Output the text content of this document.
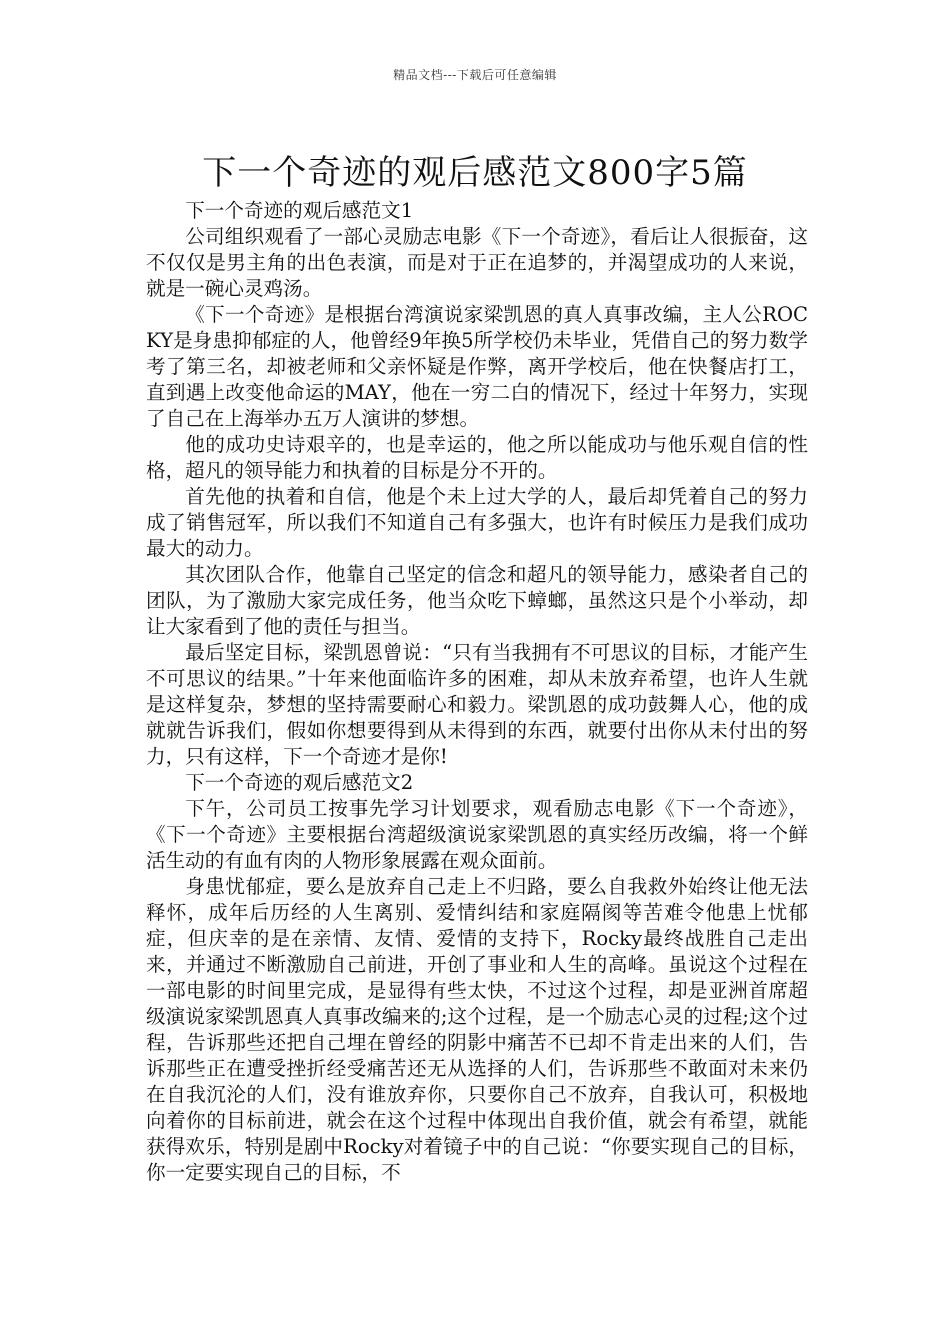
精品文档---下载后可任意编辑
下一个奇迹的观后感范文800字5篇

下一个奇迹的观后感范文1

公司组织观看了一部心灵励志电影《下一个奇迹》，看后让人很振奋，这不仅仅是男主角的出色表演，而是对于正在追梦的，并渴望成功的人来说，就是一碗心灵鸡汤。

《下一个奇迹》是根据台湾演说家梁凯恩的真人真事改编，主人公ROCKY是身患抑郁症的人，他曾经9年换5所学校仍未毕业，凭借自己的努力数学考了第三名，却被老师和父亲怀疑是作弊，离开学校后，他在快餐店打工，直到遇上改变他命运的MAY，他在一穷二白的情况下，经过十年努力，实现了自己在上海举办五万人演讲的梦想。

他的成功史诗艰辛的，也是幸运的，他之所以能成功与他乐观自信的性格，超凡的领导能力和执着的目标是分不开的。

首先他的执着和自信，他是个未上过大学的人，最后却凭着自己的努力成了销售冠军，所以我们不知道自己有多强大，也许有时候压力是我们成功最大的动力。

其次团队合作，他靠自己坚定的信念和超凡的领导能力，感染者自己的团队，为了激励大家完成任务，他当众吃下蟑螂，虽然这只是个小举动，却让大家看到了他的责任与担当。

最后坚定目标，梁凯恩曾说：“只有当我拥有不可思议的目标，才能产生不可思议的结果。”十年来他面临许多的困难，却从未放弃希望，也许人生就是这样复杂，梦想的坚持需要耐心和毅力。梁凯恩的成功鼓舞人心，他的成就就告诉我们，假如你想要得到从未得到的东西，就要付出你从未付出的努力，只有这样，下一个奇迹才是你!

下一个奇迹的观后感范文2

下午，公司员工按事先学习计划要求，观看励志电影《下一个奇迹》，《下一个奇迹》主要根据台湾超级演说家梁凯恩的真实经历改编，将一个鲜活生动的有血有肉的人物形象展露在观众面前。

身患忧郁症，要么是放弃自己走上不归路，要么自我救外始终让他无法释怀，成年后历经的人生离别、爱情纠结和家庭隔阂等苦难令他患上忧郁症，但庆幸的是在亲情、友情、爱情的支持下，Rocky最终战胜自己走出来，并通过不断激励自己前进，开创了事业和人生的高峰。虽说这个过程在一部电影的时间里完成，是显得有些太快，不过这个过程，却是亚洲首席超级演说家梁凯恩真人真事改编来的;这个过程，是一个励志心灵的过程;这个过程，告诉那些还把自己埋在曾经的阴影中痛苦不已却不肯走出来的人们，告诉那些正在遭受挫折经受痛苦还无从选择的人们，告诉那些不敢面对未来仍在自我沉沦的人们，没有谁放弃你，只要你自己不放弃，自我认可，积极地向着你的目标前进，就会在这个过程中体现出自我价值，就会有希望，就能获得欢乐，特别是剧中Rocky对着镜子中的自己说：“你要实现自己的目标，你一定要实现自己的目标，不
